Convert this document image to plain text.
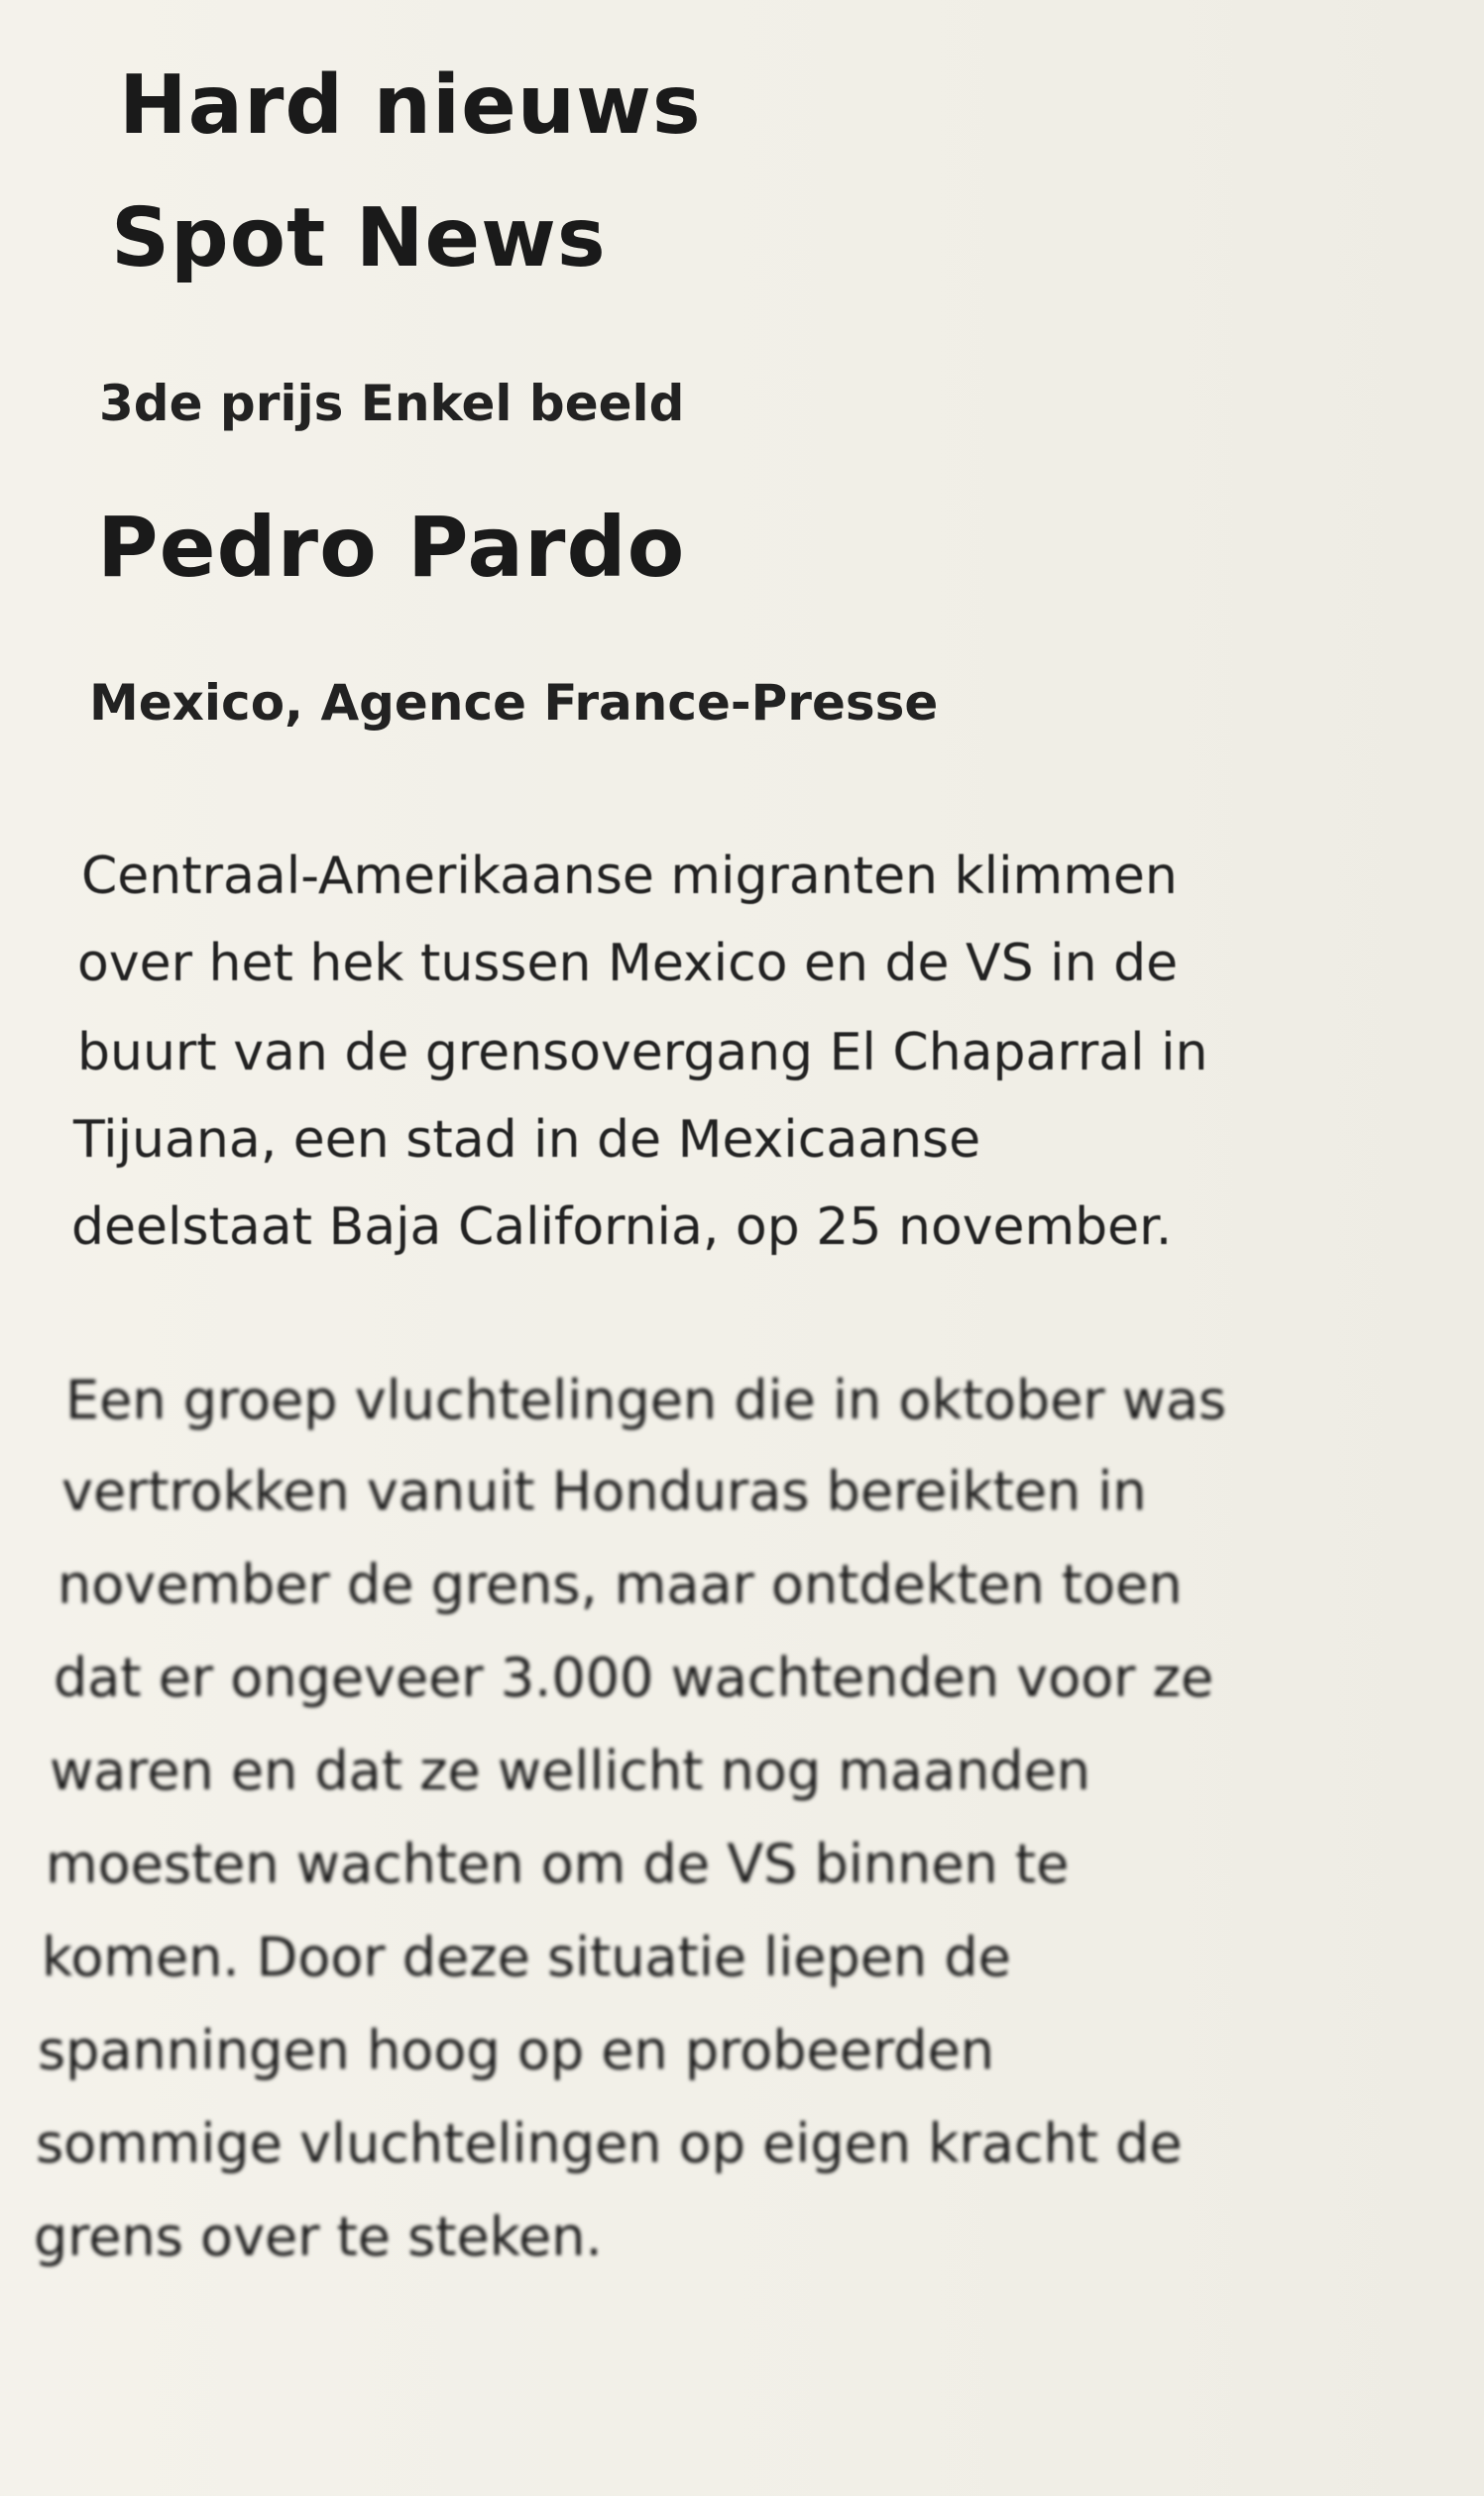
Hard nieuws
Spot News
3de prijs Enkel beeld
Pedro Pardo
Mexico, Agence France-Presse
Centraal-Amerikaanse migranten klimmen
over het hek tussen Mexico en de VS in de
buurt van de grensovergang El Chaparral in
Tijuana, een stad in de Mexicaanse
deelstaat Baja California, op 25 november.
Een groep vluchtelingen die in oktober was
vertrokken vanuit Honduras bereikten in
november de grens, maar ontdekten toen
dat er ongeveer 3.000 wachtenden voor ze
waren en dat ze wellicht nog maanden
moesten wachten om de VS binnen te
komen. Door deze situatie liepen de
spanningen hoog op en probeerden
sommige vluchtelingen op eigen kracht de
grens over te steken.
